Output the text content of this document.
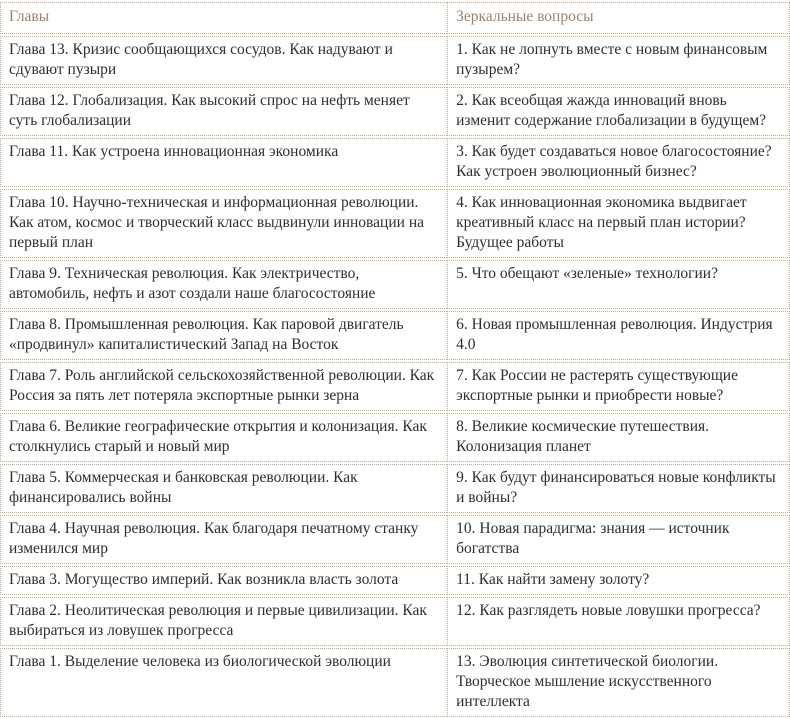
Главы	Зеркальные вопросы
Глава 13. Кризис сообщающихся сосудов. Как надувают и сдувают пузыри	1. Как не лопнуть вместе с новым финансовым пузырем?
Глава 12. Глобализация. Как высокий спрос на нефть меняет суть глобализации	2. Как всеобщая жажда инноваций вновь изменит содержание глобализации в будущем?
Глава 11. Как устроена инновационная экономика	3. Как будет создаваться новое благосостояние? Как устроен эволюционный бизнес?
Глава 10. Научно-техническая и информационная революции. Как атом, космос и творческий класс выдвинули инновации на первый план	4. Как инновационная экономика выдвигает креативный класс на первый план истории? Будущее работы
Глава 9. Техническая революция. Как электричество, автомобиль, нефть и азот создали наше благосостояние	5. Что обещают «зеленые» технологии?
Глава 8. Промышленная революция. Как паровой двигатель «продвинул» капиталистический Запад на Восток	6. Новая промышленная революция. Индустрия 4.0
Глава 7. Роль английской сельскохозяйственной революции. Как Россия за пять лет потеряла экспортные рынки зерна	7. Как России не растерять существующие экспортные рынки и приобрести новые?
Глава 6. Великие географические открытия и колонизация. Как столкнулись старый и новый мир	8. Великие космические путешествия. Колонизация планет
Глава 5. Коммерческая и банковская революции. Как финансировались войны	9. Как будут финансироваться новые конфликты и войны?
Глава 4. Научная революция. Как благодаря печатному станку изменился мир	10. Новая парадигма: знания — источник богатства
Глава 3. Могущество империй. Как возникла власть золота	11. Как найти замену золоту?
Глава 2. Неолитическая революция и первые цивилизации. Как выбираться из ловушек прогресса	12. Как разглядеть новые ловушки прогресса?
Глава 1. Выделение человека из биологической эволюции	13. Эволюция синтетической биологии. Творческое мышление искусственного интеллекта
